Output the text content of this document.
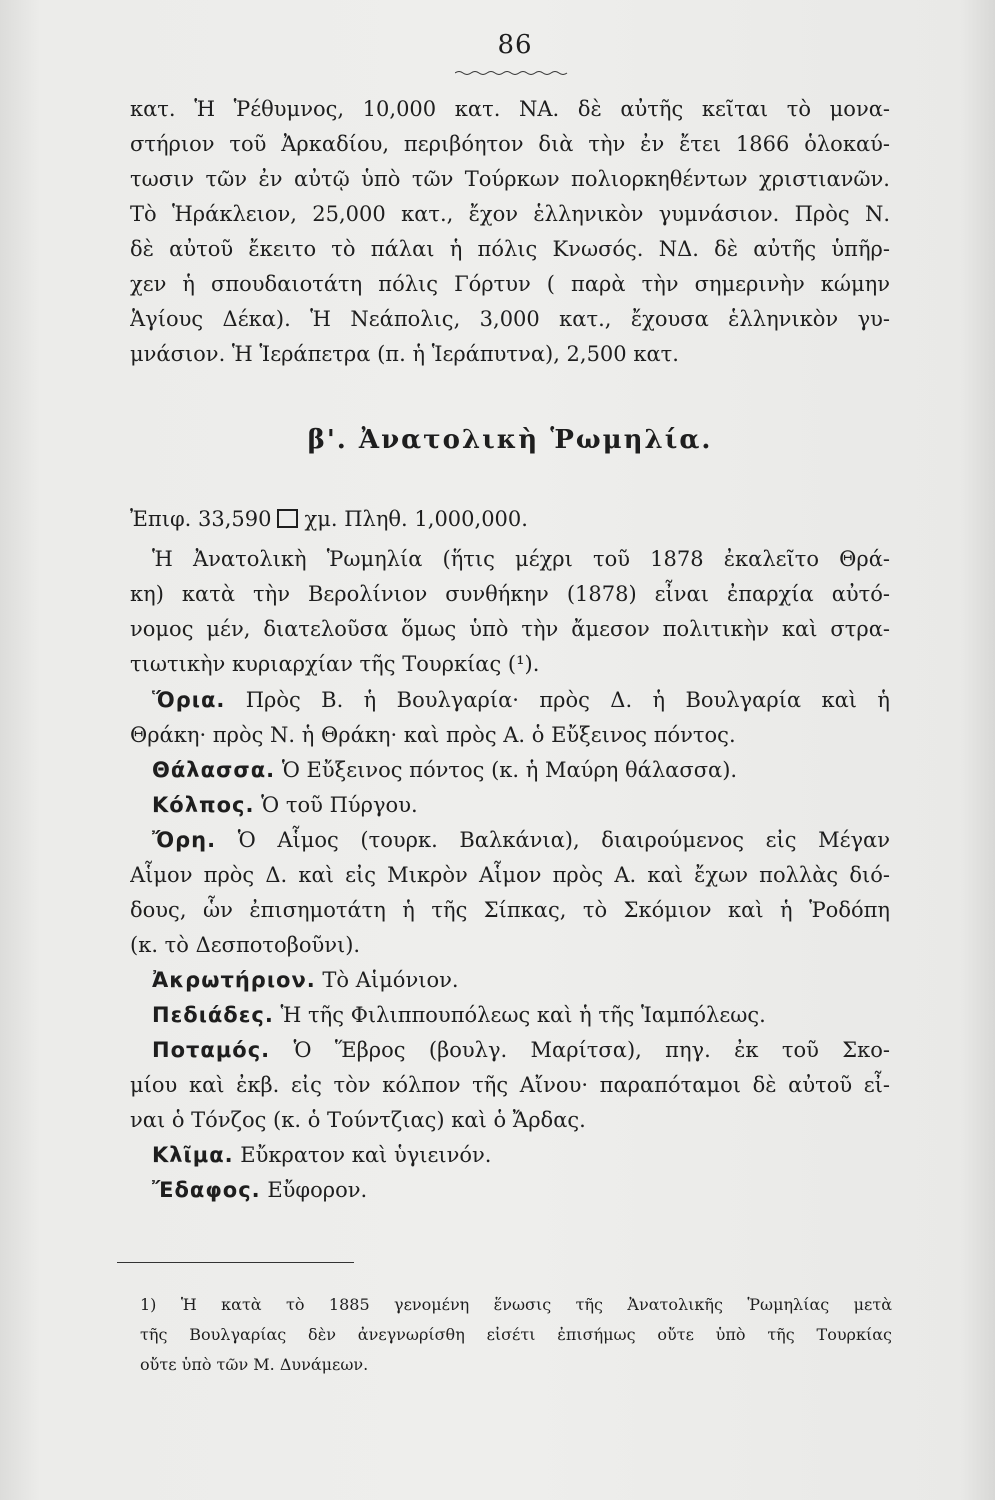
86
κατ. Ἡ Ῥέθυμνος, 10,000 κατ. ΝΑ. δὲ αὐτῆς κεῖται τὸ μονα-
στήριον τοῦ Ἀρκαδίου, περιβόητον διὰ τὴν ἐν ἔτει 1866 ὁλοκαύ-
τωσιν τῶν ἐν αὐτῷ ὑπὸ τῶν Τούρκων πολιορκηθέντων χριστιανῶν.
Τὸ Ἡράκλειον, 25,000 κατ., ἔχον ἑλληνικὸν γυμνάσιον. Πρὸς Ν.
δὲ αὐτοῦ ἔκειτο τὸ πάλαι ἡ πόλις Κνωσός. ΝΔ. δὲ αὐτῆς ὑπῆρ-
χεν ἡ σπουδαιοτάτη πόλις Γόρτυν ( παρὰ τὴν σημερινὴν κώμην
Ἁγίους Δέκα). Ἡ Νεάπολις, 3,000 κατ., ἔχουσα ἑλληνικὸν γυ-
μνάσιον. Ἡ Ἱεράπετρα (π. ἡ Ἱεράπυτνα), 2,500 κατ.
β'. Ἀνατολικὴ Ῥωμηλία.
Ἐπιφ. 33,590 χμ. Πληθ. 1,000,000.
Ἡ Ἀνατολικὴ Ῥωμηλία (ἥτις μέχρι τοῦ 1878 ἐκαλεῖτο Θρά-
κη) κατὰ τὴν Βερολίνιον συνθήκην (1878) εἶναι ἐπαρχία αὐτό-
νομος μέν, διατελοῦσα ὅμως ὑπὸ τὴν ἄμεσον πολιτικὴν καὶ στρα-
τιωτικὴν κυριαρχίαν τῆς Τουρκίας (¹).
Ὅρια. Πρὸς Β. ἡ Βουλγαρία· πρὸς Δ. ἡ Βουλγαρία καὶ ἡ
Θράκη· πρὸς Ν. ἡ Θράκη· καὶ πρὸς Α. ὁ Εὔξεινος πόντος.
Θάλασσα. Ὁ Εὔξεινος πόντος (κ. ἡ Μαύρη θάλασσα).
Κόλπος. Ὁ τοῦ Πύργου.
Ὄρη. Ὁ Αἷμος (τουρκ. Βαλκάνια), διαιρούμενος εἰς Μέγαν
Αἷμον πρὸς Δ. καὶ εἰς Μικρὸν Αἷμον πρὸς Α. καὶ ἔχων πολλὰς διό-
δους, ὧν ἐπισημοτάτη ἡ τῆς Σίπκας, τὸ Σκόμιον καὶ ἡ Ῥοδόπη
(κ. τὸ Δεσποτοβοῦνι).
Ἀκρωτήριον. Τὸ Αἱμόνιον.
Πεδιάδες. Ἡ τῆς Φιλιππουπόλεως καὶ ἡ τῆς Ἱαμπόλεως.
Ποταμός. Ὁ Ἕβρος (βουλγ. Μαρίτσα), πηγ. ἐκ τοῦ Σκο-
μίου καὶ ἐκβ. εἰς τὸν κόλπον τῆς Αἴνου· παραπόταμοι δὲ αὐτοῦ εἶ-
ναι ὁ Τόνζος (κ. ὁ Τούντζιας) καὶ ὁ Ἄρδας.
Κλῖμα. Εὔκρατον καὶ ὑγιεινόν.
Ἔδαφος. Εὔφορον.
1) Ἡ κατὰ τὸ 1885 γενομένη ἕνωσις τῆς Ἀνατολικῆς Ῥωμηλίας μετὰ
τῆς Βουλγαρίας δὲν ἀνεγνωρίσθη εἰσέτι ἐπισήμως οὔτε ὑπὸ τῆς Τουρκίας
οὔτε ὑπὸ τῶν Μ. Δυνάμεων.
